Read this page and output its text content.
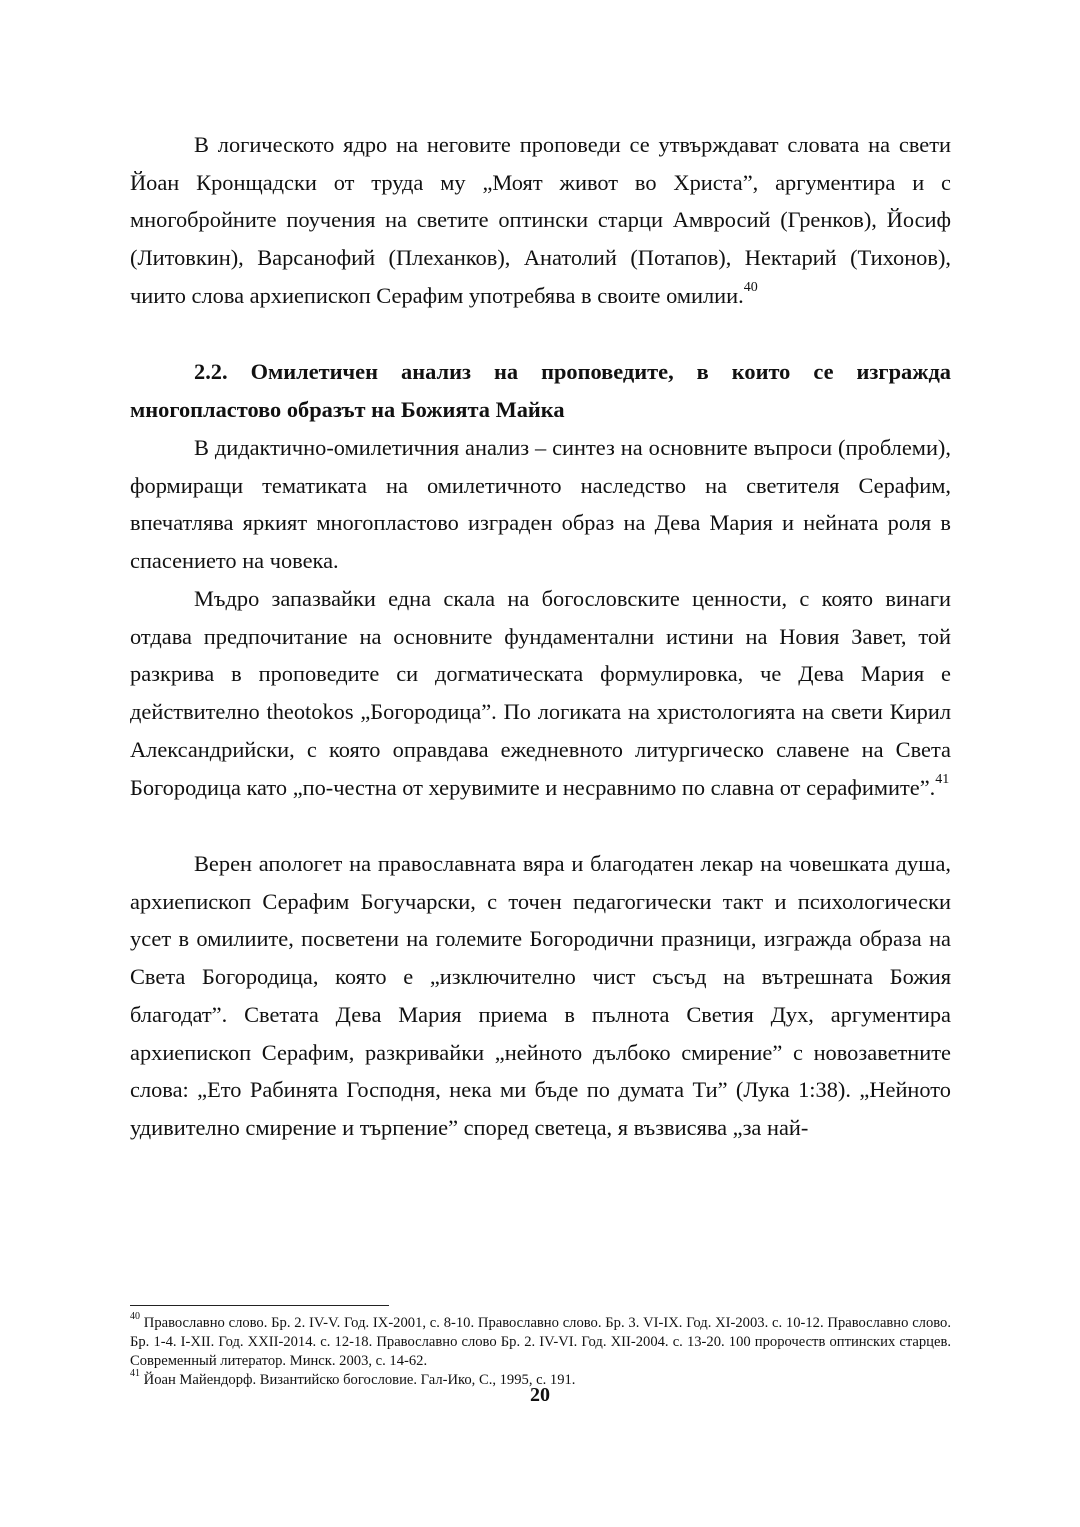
В логическото ядро на неговите проповеди се утвърждават словата на свети Йоан Кронщадски от труда му „Моят живот во Христа”, аргументира и с многобройните поучения на светите оптински старци Амвросий (Гренков), Йосиф (Литовкин), Варсанофий (Плеханков), Анатолий (Потапов), Нектарий (Тихонов), чиито слова архиепископ Серафим употребява в своите омилии.$^{40}$

2.2. Омилетичен анализ на проповедите, в които се изгражда многопластово образът на Божията Майка

В дидактично-омилетичния анализ – синтез на основните въпроси (проблеми), формиращи тематиката на омилетичното наследство на светителя Серафим, впечатлява яркият многопластово изграден образ на Дева Мария и нейната роля в спасението на човека.

Мъдро запазвайки една скала на богословските ценности, с която винаги отдава предпочитание на основните фундаментални истини на Новия Завет, той разкрива в проповедите си догматическата формулировка, че Дева Мария е действително theotokos „Богородица”. По логиката на христологията на свети Кирил Александрийски, с която оправдава ежедневното литургическо славене на Света Богородица като „по-честна от херувимите и несравнимо по славна от серафимите”.$^{41}$

Верен апологет на православната вяра и благодатен лекар на човешката душа, архиепископ Серафим Богучарски, с точен педагогически такт и психологически усет в омилиите, посветени на големите Богородични празници, изгражда образа на Света Богородица, която е „изключително чист съсъд на вътрешната Божия благодат”. Светата Дева Мария приема в пълнота Светия Дух, аргументира архиепископ Серафим, разкривайки „нейното дълбоко смирение” с новозаветните слова: „Ето Рабинята Господня, нека ми бъде по думата Ти” (Лука 1:38). „Нейното удивително смирение и търпение” според светеца, я възвисява „за най-

$^{40}$ Православно слово. Бр. 2. IV-V. Год. IX-2001, с. 8-10. Православно слово. Бр. 3. VI-IX. Год. XI-2003. с. 10-12. Православно слово. Бр. 1-4. I-XII. Год. XXII-2014. с. 12-18. Православно слово Бр. 2. IV-VI. Год. XII-2004. с. 13-20. 100 пророчеств оптинских старцев. Современный литератор. Минск. 2003, с. 14-62.

$^{41}$ Йоан Майендорф. Византийско богословие. Гал-Ико, С., 1995, с. 191.

20
